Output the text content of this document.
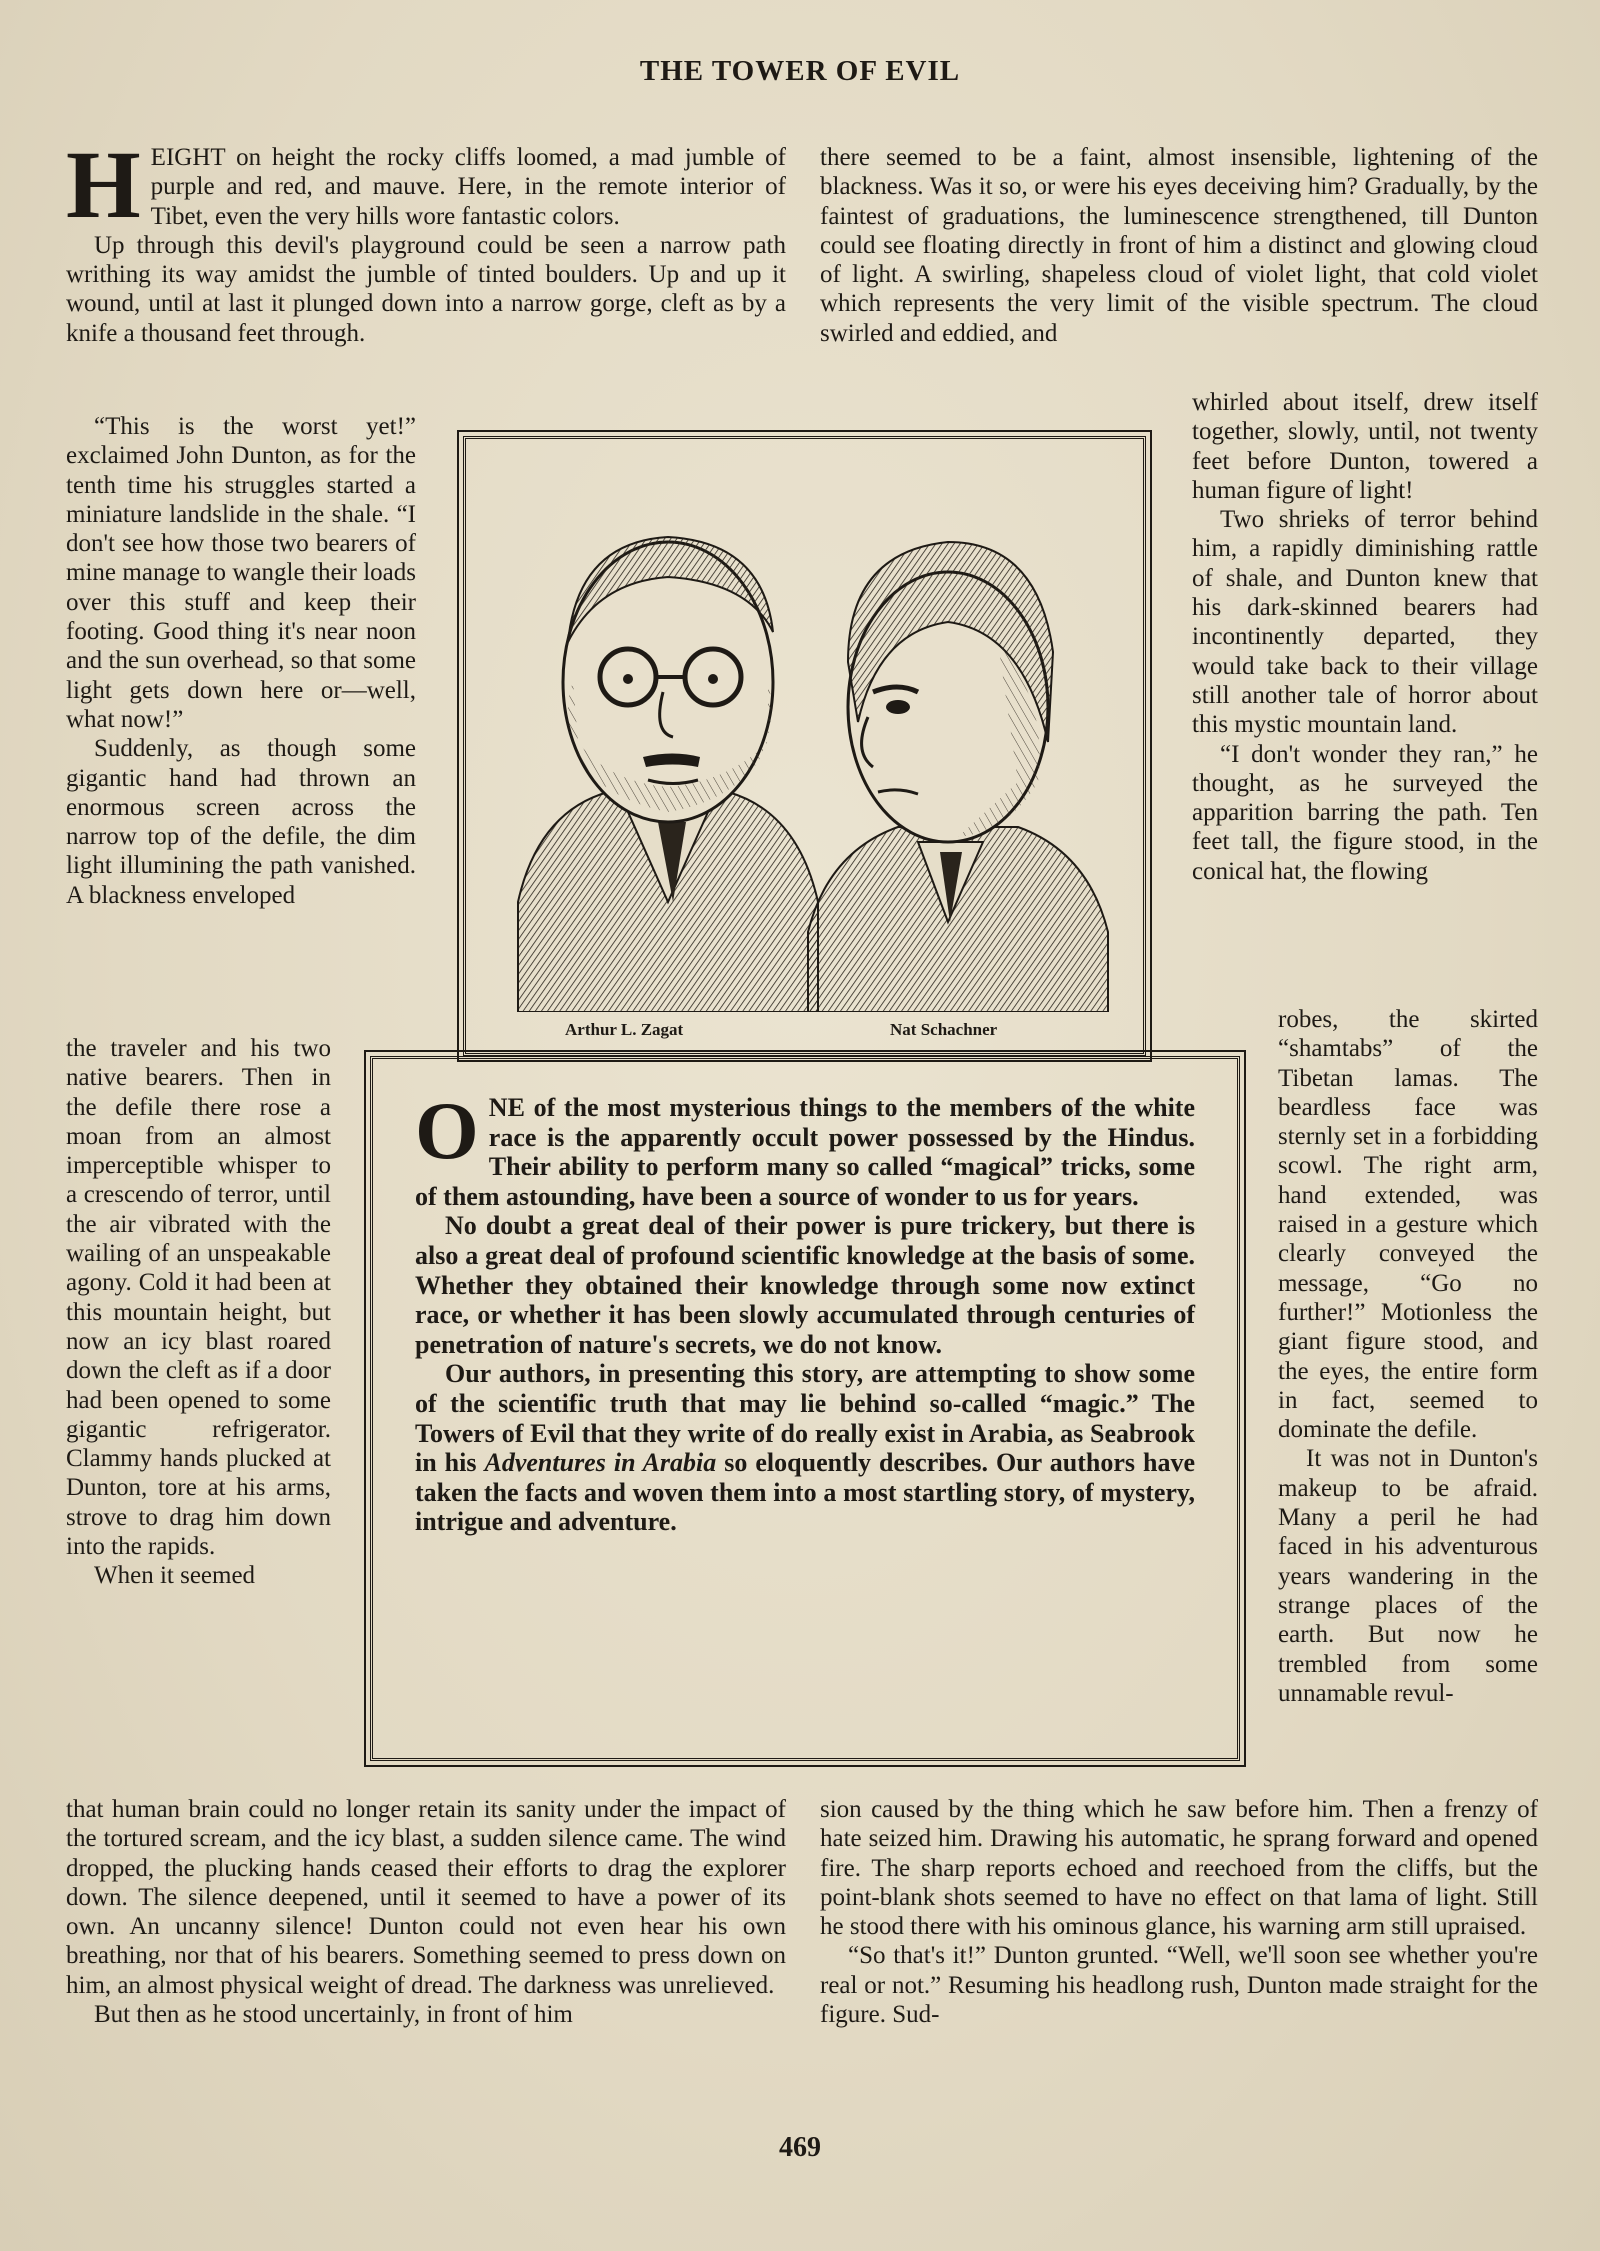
THE TOWER OF EVIL

HEIGHT on height the rocky cliffs loomed, a mad jumble of purple and red, and mauve. Here, in the remote interior of Tibet, even the very hills wore fantastic colors.

Up through this devil's playground could be seen a narrow path writhing its way amidst the jumble of tinted boulders. Up and up it wound, until at last it plunged down into a narrow gorge, cleft as by a knife a thousand feet through.

“This is the worst yet!” exclaimed John Dunton, as for the tenth time his struggles started a miniature landslide in the shale. “I don't see how those two bearers of mine manage to wangle their loads over this stuff and keep their footing. Good thing it's near noon and the sun overhead, so that some light gets down here or—well, what now!”

Suddenly, as though some gigantic hand had thrown an enormous screen across the narrow top of the defile, the dim light illumining the path vanished. A blackness enveloped

the traveler and his two native bearers. Then in the defile there rose a moan from an almost imperceptible whisper to a crescendo of terror, until the air vibrated with the wailing of an unspeakable agony. Cold it had been at this mountain height, but now an icy blast roared down the cleft as if a door had been opened to some gigantic refrigerator. Clammy hands plucked at Dunton, tore at his arms, strove to drag him down into the rapids.

When it seemed

that human brain could no longer retain its sanity under the impact of the tortured scream, and the icy blast, a sudden silence came. The wind dropped, the plucking hands ceased their efforts to drag the explorer down. The silence deepened, until it seemed to have a power of its own. An uncanny silence! Dunton could not even hear his own breathing, nor that of his bearers. Something seemed to press down on him, an almost physical weight of dread. The darkness was unrelieved.

But then as he stood uncertainly, in front of him

there seemed to be a faint, almost insensible, lightening of the blackness. Was it so, or were his eyes deceiving him? Gradually, by the faintest of graduations, the luminescence strengthened, till Dunton could see floating directly in front of him a distinct and glowing cloud of light. A swirling, shapeless cloud of violet light, that cold violet which represents the very limit of the visible spectrum. The cloud swirled and eddied, and

whirled about itself, drew itself together, slowly, until, not twenty feet before Dunton, towered a human figure of light!

Two shrieks of terror behind him, a rapidly diminishing rattle of shale, and Dunton knew that his dark-skinned bearers had incontinently departed, they would take back to their village still another tale of horror about this mystic mountain land.

“I don't wonder they ran,” he thought, as he surveyed the apparition barring the path. Ten feet tall, the figure stood, in the conical hat, the flowing

robes, the skirted “shamtabs” of the Tibetan lamas. The beardless face was sternly set in a forbidding scowl. The right arm, hand extended, was raised in a gesture which clearly conveyed the message, “Go no further!” Motionless the giant figure stood, and the eyes, the entire form in fact, seemed to dominate the defile.

It was not in Dunton's makeup to be afraid. Many a peril he had faced in his adventurous years wandering in the strange places of the earth. But now he trembled from some unnamable revul-

sion caused by the thing which he saw before him. Then a frenzy of hate seized him. Drawing his automatic, he sprang forward and opened fire. The sharp reports echoed and reechoed from the cliffs, but the point-blank shots seemed to have no effect on that lama of light. Still he stood there with his ominous glance, his warning arm still upraised.

“So that's it!” Dunton grunted. “Well, we'll soon see whether you're real or not.” Resuming his headlong rush, Dunton made straight for the figure. Sud-

Arthur L. Zagat	Nat Schachner

ONE of the most mysterious things to the members of the white race is the apparently occult power possessed by the Hindus. Their ability to perform many so called “magical” tricks, some of them astounding, have been a source of wonder to us for years.

No doubt a great deal of their power is pure trickery, but there is also a great deal of profound scientific knowledge at the basis of some. Whether they obtained their knowledge through some now extinct race, or whether it has been slowly accumulated through centuries of penetration of nature's secrets, we do not know.

Our authors, in presenting this story, are attempting to show some of the scientific truth that may lie behind so-called “magic.” The Towers of Evil that they write of do really exist in Arabia, as Seabrook in his Adventures in Arabia so eloquently describes. Our authors have taken the facts and woven them into a most startling story, of mystery, intrigue and adventure.

469
